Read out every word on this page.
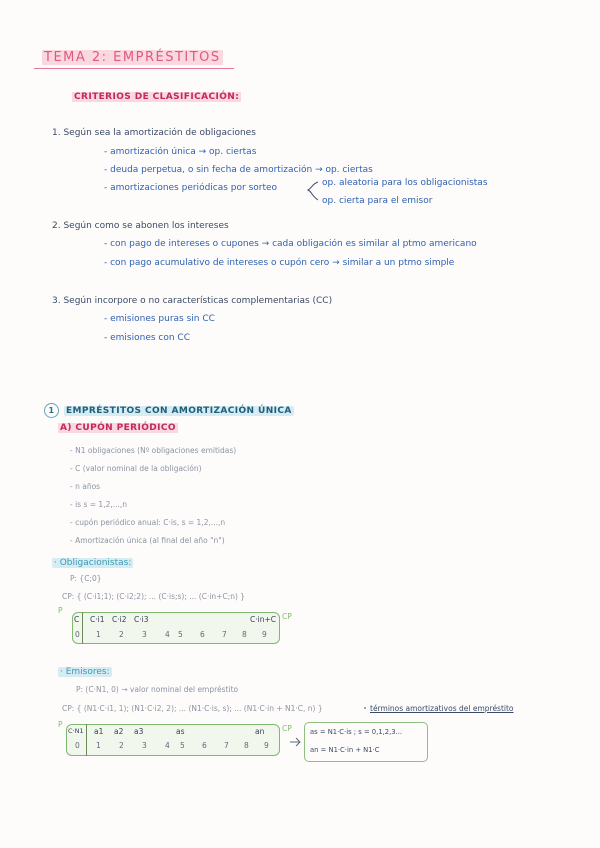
TEMA 2: EMPRÉSTITOS
CRITERIOS DE CLASIFICACIÓN:
1. Según sea la amortización de obligaciones
- amortización única → op. ciertas
- deuda perpetua, o sin fecha de amortización → op. ciertas
- amortizaciones periódicas por sorteo	op. aleatoria para los obligacionistas
op. cierta para el emisor
2. Según como se abonen los intereses
- con pago de intereses o cupones → cada obligación es similar al ptmo americano
- con pago acumulativo de intereses o cupón cero → similar a un ptmo simple
3. Según incorpore o no características complementarias (CC)
- emisiones puras sin CC
- emisiones con CC
1 EMPRÉSTITOS CON AMORTIZACIÓN ÚNICA
A) CUPÓN PERIÓDICO
- N1 obligaciones (Nº obligaciones emitidas)
- C (valor nominal de la obligación)
- n años
- is s = 1,2,...,n
- cupón periódico anual: C·is, s = 1,2,...,n
- Amortización única (al final del año "n")
· Obligacionistas:
P: {C;0}
CP: { (C·i1;1); (C·i2;2); ... (C·is;s); ... (C·in+C;n) }
P
CP
C C·i1 C·i2 C·i3	C·in+C
0 1 2 3 4 5 6 7 8 9
· Emisores:
P: (C·N1, 0) → valor nominal del empréstito
CP: { (N1·C·i1, 1); (N1·C·i2, 2); ... (N1·C·is, s); ... (N1·C·in + N1·C, n) }	términos amortizativos del empréstito
P	CP
C·N1 a1 a2 a3	as	an
0 1 2 3 4 5 6 7 8 9
as = N1·C·is ; s = 0,1,2,3...
an = N1·C·in + N1·C
